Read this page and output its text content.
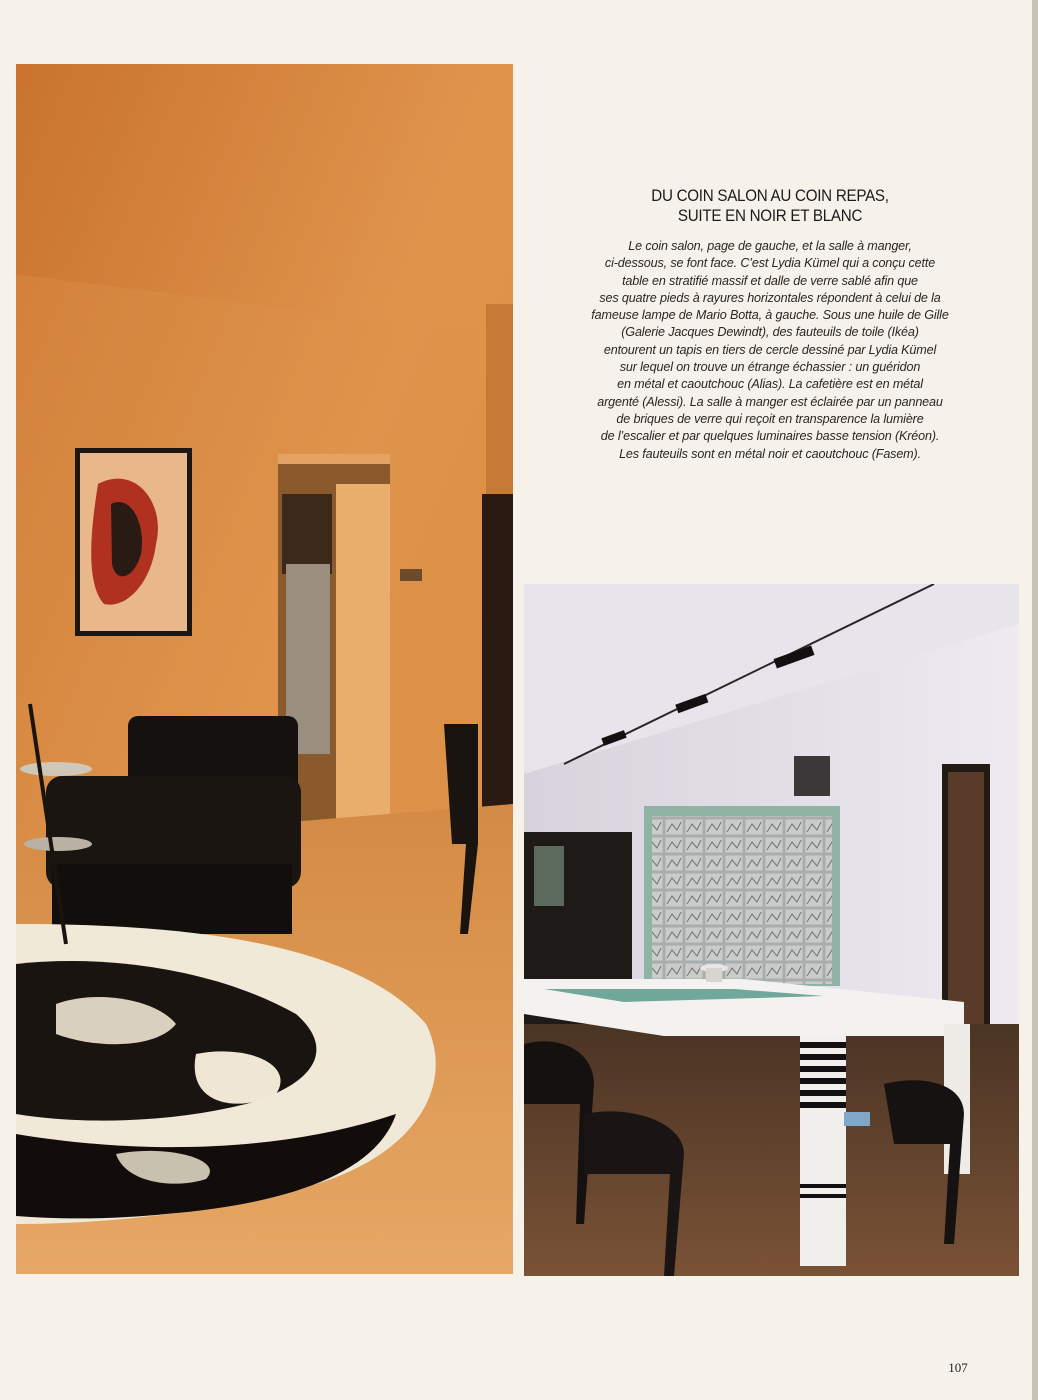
DU COIN SALON AU COIN REPAS,
SUITE EN NOIR ET BLANC

Le coin salon, page de gauche, et la salle à manger,
ci-dessous, se font face. C’est Lydia Kümel qui a conçu cette
table en stratifié massif et dalle de verre sablé afin que
ses quatre pieds à rayures horizontales répondent à celui de la
fameuse lampe de Mario Botta, à gauche. Sous une huile de Gille
(Galerie Jacques Dewindt), des fauteuils de toile (Ikéa)
entourent un tapis en tiers de cercle dessiné par Lydia Kümel
sur lequel on trouve un étrange échassier : un guéridon
en métal et caoutchouc (Alias). La cafetière est en métal
argenté (Alessi). La salle à manger est éclairée par un panneau
de briques de verre qui reçoit en transparence la lumière
de l’escalier et par quelques luminaires basse tension (Kréon).
Les fauteuils sont en métal noir et caoutchouc (Fasem).

107
